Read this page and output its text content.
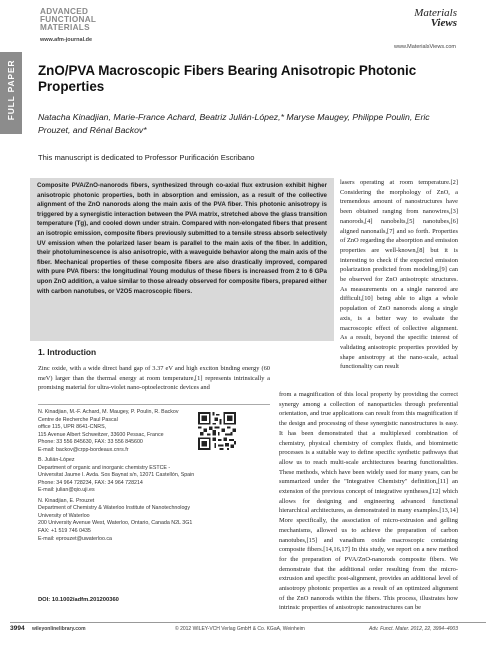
ADVANCED
FUNCTIONAL
MATERIALS
www.afm-journal.de
Materials
Views
www.MaterialsViews.com
FULL PAPER ZnO/PVA Macroscopic Fibers Bearing Anisotropic Photonic Properties
Natacha Kinadjian, Marie-France Achard, Beatriz Julián-López,* Maryse Maugey, Philippe Poulin, Eric Prouzet, and Rénal Backov*
This manuscript is dedicated to Professor Purificación Escribano
Composite PVA/ZnO-nanorods fibers, synthesized through co-axial flux extrusion exhibit higher anisotropic photonic properties, both in absorption and emission, as a result of the collective alignment of the ZnO nanorods along the main axis of the PVA fiber. This photonic anisotropy is triggered by a synergistic interaction between the PVA matrix, stretched above the glass transition temperature (Tg), and cooled down under strain. Compared with non-elongated fibers that present an isotropic emission, composite fibers previously submitted to a tensile stress absorb selectively UV emission when the polarized laser beam is parallel to the main axis of the fiber. In addition, their photoluminescence is also anisotropic, with a waveguide behavior along the main axis of the fiber. Mechanical properties of these composite fibers are also drastically improved, compared with pure PVA fibers: the longitudinal Young modulus of these fibers is increased from 2 to 6 GPa upon ZnO addition, a value similar to those already observed for composite fibers, prepared either with carbon nanotubes, or V2O5 macroscopic fibers.
lasers operating at room temperature.[2] Considering the morphology of ZnO, a tremendous amount of nanostructures have been obtained ranging from nanowires,[3] nanorods,[4] nanobelts,[5] nanotubes,[6] aligned nanonails,[7] and so forth. Properties of ZnO regarding the absorption and emission properties are well-known,[8] but it is interesting to check if the expected emission polarization predicted from modeling,[9] can be observed for ZnO anisotropic structures. As measurements on a single nanorod are difficult,[10] being able to align a whole population of ZnO nanorods along a single axis, is a better way to evaluate the macroscopic effect of collective alignment. As a result, beyond the specific interest of validating anisotropic properties provided by shape anisotropy at the nano-scale, actual functionality can result
from a magnification of this local property by providing the correct synergy among a collection of nanoparticles through preferential orientation, and true applications can result from this magnification if the design and processing of these synergistic nanostructures is easy. It has been demonstrated that a multiplexed combination of chemistry, physical chemistry of complex fluids, and biomimetic processes is a suitable way to define specific synthetic pathways that allow us to reach multi-scale architectures bearing functionalities. These methods, which have been widely used for many years, can be summarized under the "Integrative Chemistry" definition,[11] an extension of the previous concept of integrative syntheses,[12] which allows for designing and engineering advanced functional hierarchical architectures, as demonstrated in many examples.[13,14] More specifically, the association of micro-extrusion and gelling mechanisms, allowed us to achieve the preparation of carbon nanotubes,[15] and vanadium oxide macroscopic containing composite fibers.[14,16,17] In this study, we report on a new method for the preparation of PVA/ZnO-nanorods composite fibers. We demonstrate that the additional order resulting from the micro-extrusion and specific post-alignment, provides an additional level of anisotropy photonic properties as a result of an optimized alignment of the ZnO nanorods within the fibers. This process, illustrates how intrinsic properties of anisotropic nanostructures can be
1. Introduction
Zinc oxide, with a wide direct band gap of 3.37 eV and high exciton binding energy (60 meV) larger than the thermal energy at room temperature,[1] represents intrinsically a promising material for ultra-violet nano-optoelectronic devices and
N. Kinadjian, M.-F. Achard, M. Maugey, P. Poulin, R. Backov
Centre de Recherche Paul Pascal
office 115, UPR 8641-CNRS,
115 Avenue Albert Schweitzer, 33600 Pessac, France
Phone: 33 556 845630, FAX: 33 556 845600
E-mail: backov@crpp-bordeaux.cnrs.fr
B. Julián-López
Department of organic and inorganic chemistry ESTCE -
Universitat Jaume I. Avda. Sos Baynat s/n, 12071 Castellón, Spain
Phone: 34 964 728234, FAX: 34 964 728214
E-mail: julian@qio.uji.es
N. Kinadjian, E. Prouzet
Department of Chemistry & Waterloo Institute of Nanotechnology
University of Waterloo
200 University Avenue West, Waterloo, Ontario, Canada N2L 3G1
FAX: +1 519 746 0435
E-mail: eprouzet@uwaterloo.ca
DOI: 10.1002/adfm.201200360
3994 wileyonlinelibrary.com	© 2012 WILEY-VCH Verlag GmbH & Co. KGaA, Weinheim	Adv. Funct. Mater. 2012, 22, 3994–4003
